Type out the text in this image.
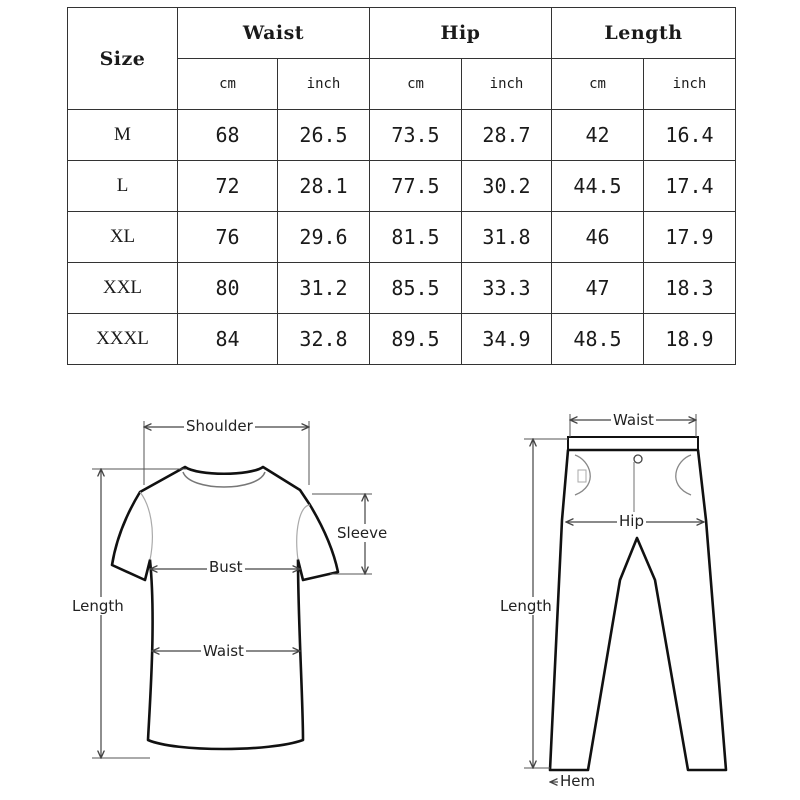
Size	Waist		Hip		Length	
	cm	inch	cm	inch	cm	inch
M	68	26.5	73.5	28.7	42	16.4
L	72	28.1	77.5	30.2	44.5	17.4
XL	76	29.6	81.5	31.8	46	17.9
XXL	80	31.2	85.5	33.3	47	18.3
XXXL	84	32.8	89.5	34.9	48.5	18.9
Shoulder
Sleeve
Bust
Length
Waist
Waist
Hip
Length
Hem
